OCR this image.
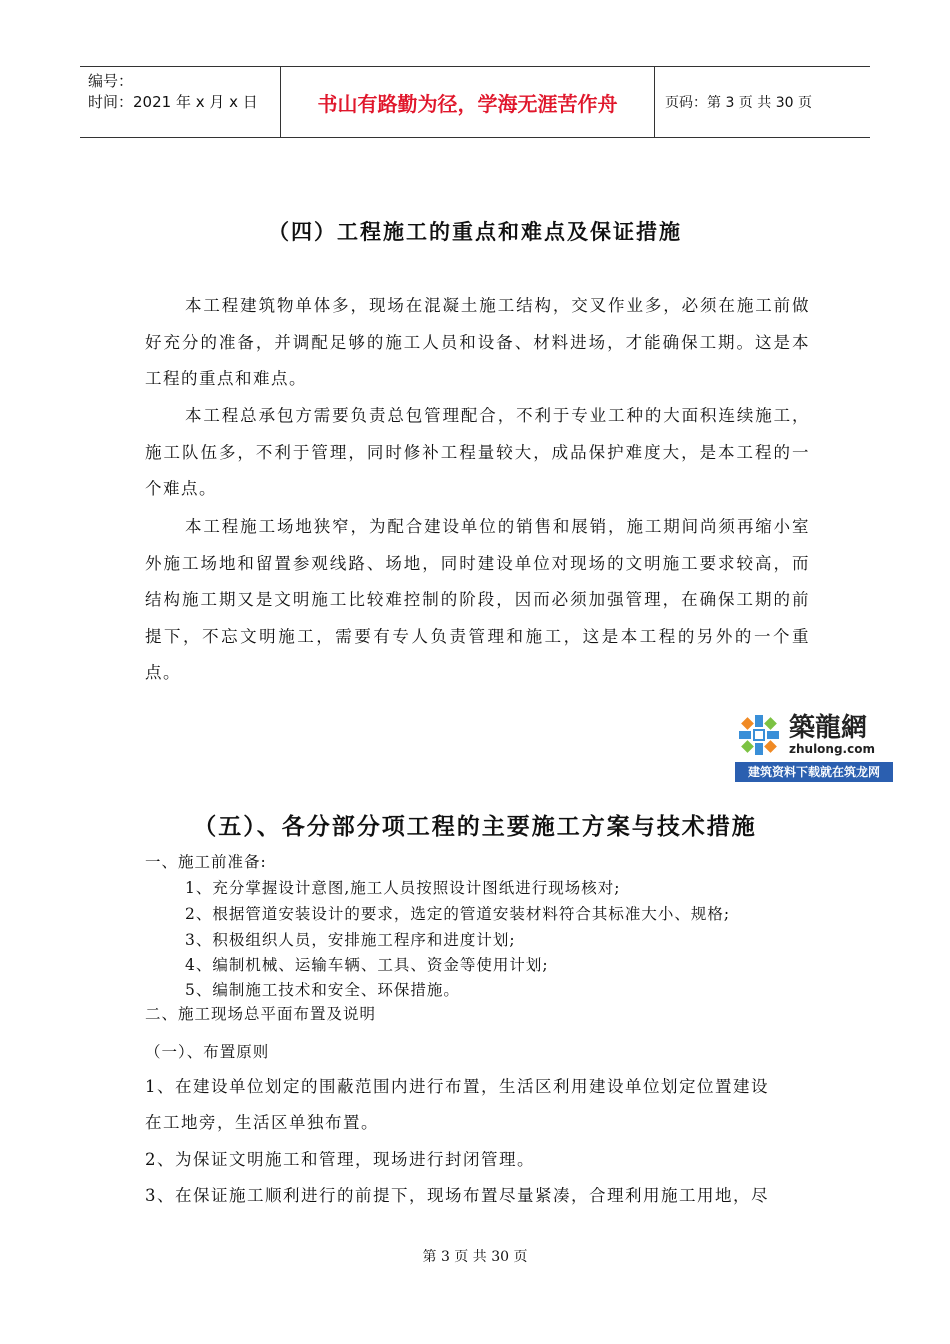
编号：
时间：2021 年 x 月 x 日	书山有路勤为径，学海无涯苦作舟	页码：第 3 页 共 30 页
（四）工程施工的重点和难点及保证措施

本工程建筑物单体多，现场在混凝土施工结构，交叉作业多，必须在施工前做好充分的准备，并调配足够的施工人员和设备、材料进场，才能确保工期。这是本工程的重点和难点。

本工程总承包方需要负责总包管理配合，不利于专业工种的大面积连续施工，施工队伍多，不利于管理，同时修补工程量较大，成品保护难度大，是本工程的一个难点。

本工程施工场地狭窄，为配合建设单位的销售和展销，施工期间尚须再缩小室外施工场地和留置参观线路、场地，同时建设单位对现场的文明施工要求较高，而结构施工期又是文明施工比较难控制的阶段，因而必须加强管理，在确保工期的前提下，不忘文明施工，需要有专人负责管理和施工，这是本工程的另外的一个重点。

築龍網
zhulong.com
建筑资料下载就在筑龙网
（五）、各分部分项工程的主要施工方案与技术措施
一、施工前准备:
1、充分掌握设计意图,施工人员按照设计图纸进行现场核对;
2、根据管道安装设计的要求，选定的管道安装材料符合其标准大小、规格;
3、积极组织人员，安排施工程序和进度计划;
4、编制机械、运输车辆、工具、资金等使用计划;
5、编制施工技术和安全、环保措施。
二、施工现场总平面布置及说明
（一）、布置原则
1、在建设单位划定的围蔽范围内进行布置，生活区利用建设单位划定位置建设
在工地旁，生活区单独布置。
2、为保证文明施工和管理，现场进行封闭管理。
3、在保证施工顺利进行的前提下，现场布置尽量紧凑，合理利用施工用地，尽
第 3 页 共 30 页
